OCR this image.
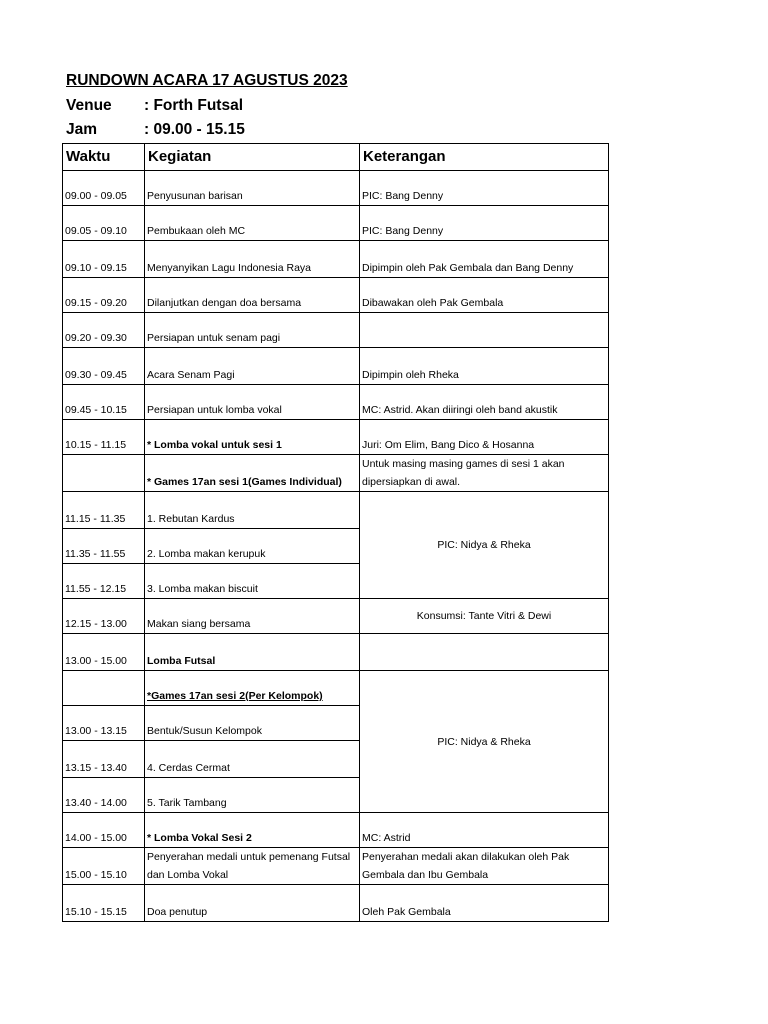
RUNDOWN ACARA 17 AGUSTUS 2023
Venue : Forth Futsal
Jam	: 09.00 - 15.15
Waktu	Kegiatan	Keterangan
09.00 - 09.05	Penyusunan barisan	PIC: Bang Denny
09.05 - 09.10	Pembukaan oleh MC	PIC: Bang Denny
09.10 - 09.15	Menyanyikan Lagu Indonesia Raya	Dipimpin oleh Pak Gembala dan Bang Denny
09.15 - 09.20	Dilanjutkan dengan doa bersama	Dibawakan oleh Pak Gembala
09.20 - 09.30	Persiapan untuk senam pagi	
09.30 - 09.45	Acara Senam Pagi	Dipimpin oleh Rheka
09.45 - 10.15	Persiapan untuk lomba vokal	MC: Astrid. Akan diiringi oleh band akustik
10.15 - 11.15	* Lomba vokal untuk sesi 1	Juri: Om Elim, Bang Dico & Hosanna
	* Games 17an sesi 1(Games Individual)	Untuk masing masing games di sesi 1 akan dipersiapkan di awal.
11.15 - 11.35	1. Rebutan Kardus	PIC: Nidya & Rheka
11.35 - 11.55	2. Lomba makan kerupuk	
11.55 - 12.15	3. Lomba makan biscuit	
12.15 - 13.00	Makan siang bersama	Konsumsi: Tante Vitri & Dewi
13.00 - 15.00	Lomba Futsal	
	*Games 17an sesi 2(Per Kelompok)	PIC: Nidya & Rheka
13.00 - 13.15	Bentuk/Susun Kelompok	
13.15 - 13.40	4. Cerdas Cermat	
13.40 - 14.00	5. Tarik Tambang	
14.00 - 15.00	* Lomba Vokal Sesi 2	MC: Astrid
15.00 - 15.10	Penyerahan medali untuk pemenang Futsal dan Lomba Vokal	Penyerahan medali akan dilakukan oleh Pak Gembala dan Ibu Gembala
15.10 - 15.15	Doa penutup	Oleh Pak Gembala
